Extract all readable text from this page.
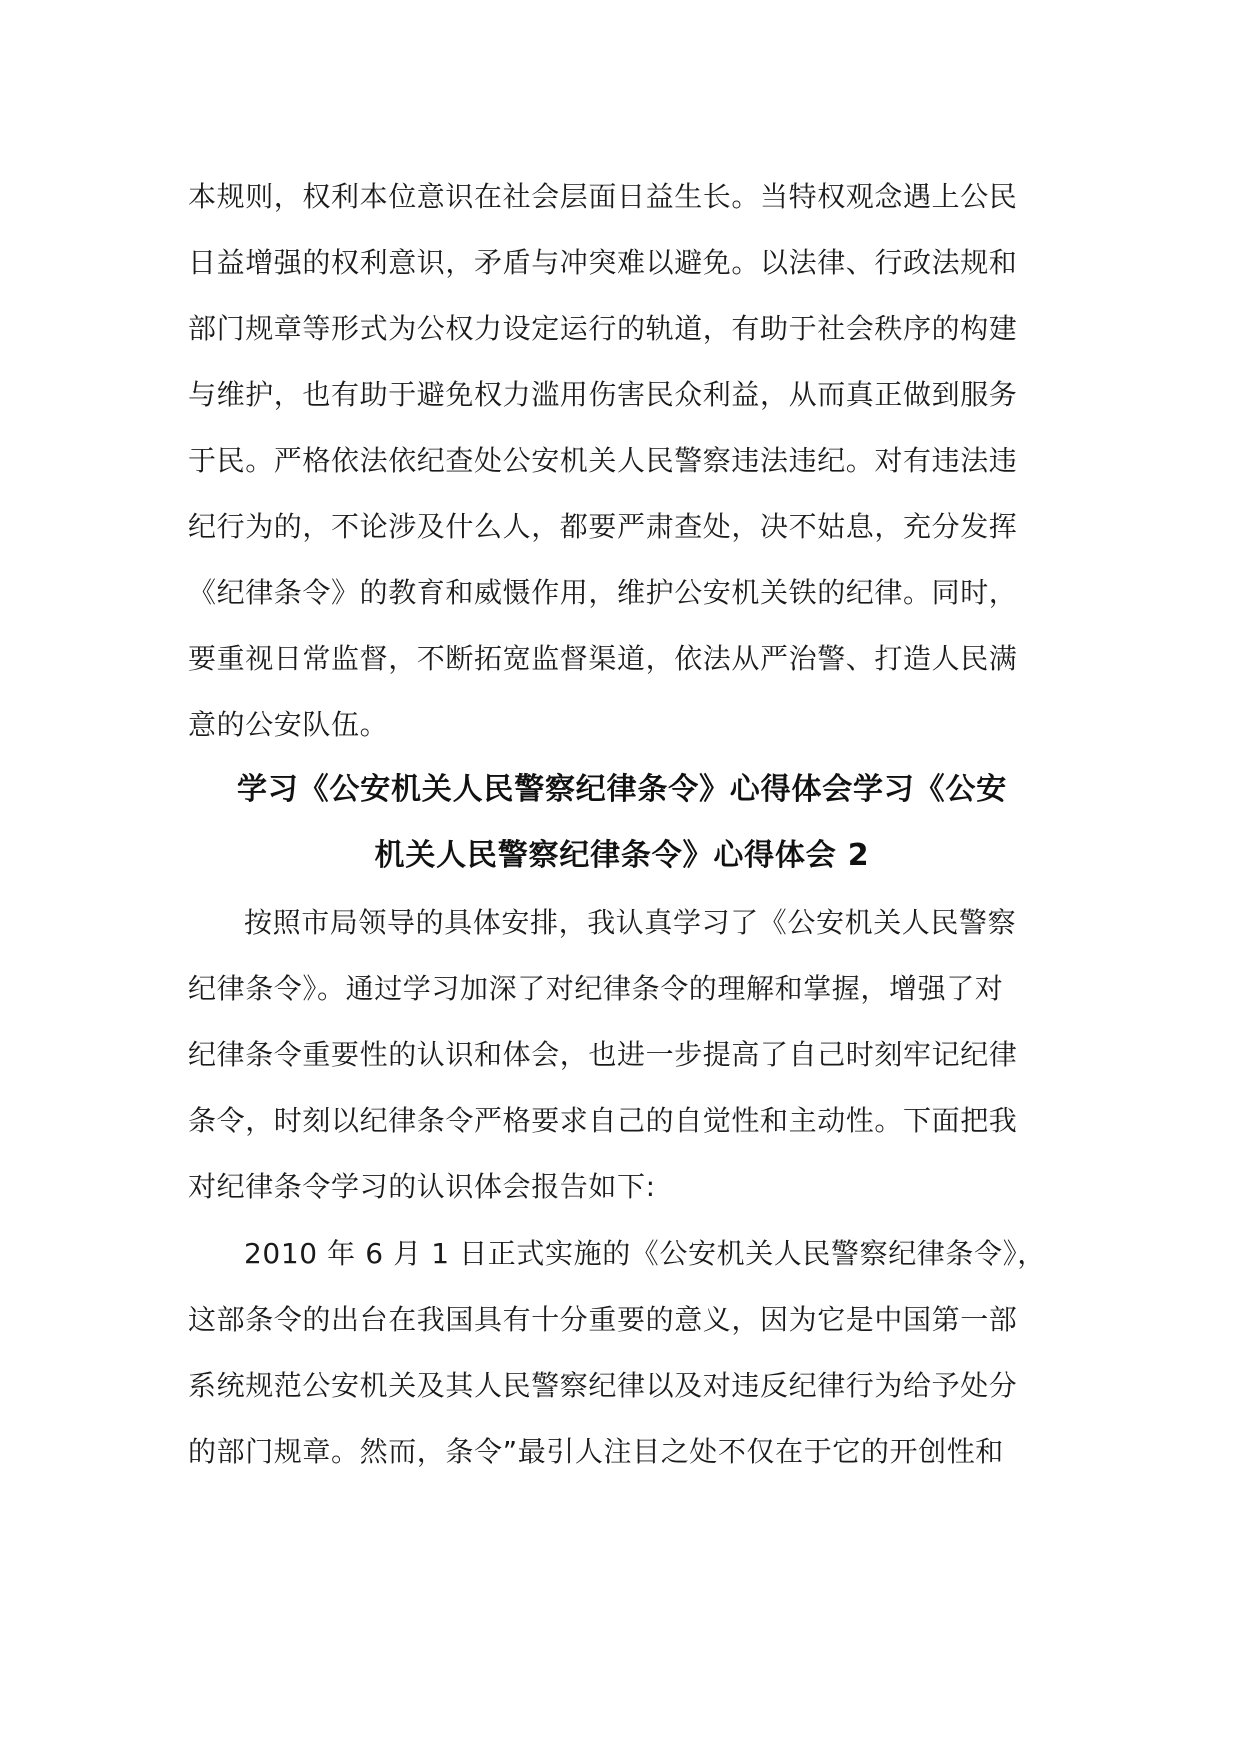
本规则，权利本位意识在社会层面日益生长。当特权观念遇上公民
日益增强的权利意识，矛盾与冲突难以避免。以法律、行政法规和
部门规章等形式为公权力设定运行的轨道，有助于社会秩序的构建
与维护，也有助于避免权力滥用伤害民众利益，从而真正做到服务
于民。严格依法依纪查处公安机关人民警察违法违纪。对有违法违
纪行为的，不论涉及什么人，都要严肃查处，决不姑息，充分发挥
《纪律条令》的教育和威慑作用，维护公安机关铁的纪律。同时，
要重视日常监督，不断拓宽监督渠道，依法从严治警、打造人民满
意的公安队伍。
学习《公安机关人民警察纪律条令》心得体会学习《公安
机关人民警察纪律条令》心得体会 2
按照市局领导的具体安排，我认真学习了《公安机关人民警察
纪律条令》。通过学习加深了对纪律条令的理解和掌握，增强了对
纪律条令重要性的认识和体会，也进一步提高了自己时刻牢记纪律
条令，时刻以纪律条令严格要求自己的自觉性和主动性。下面把我
对纪律条令学习的认识体会报告如下:
2010 年 6 月 1 日正式实施的《公安机关人民警察纪律条令》，
这部条令的出台在我国具有十分重要的意义，因为它是中国第一部
系统规范公安机关及其人民警察纪律以及对违反纪律行为给予处分
的部门规章。然而，条令”最引人注目之处不仅在于它的开创性和
